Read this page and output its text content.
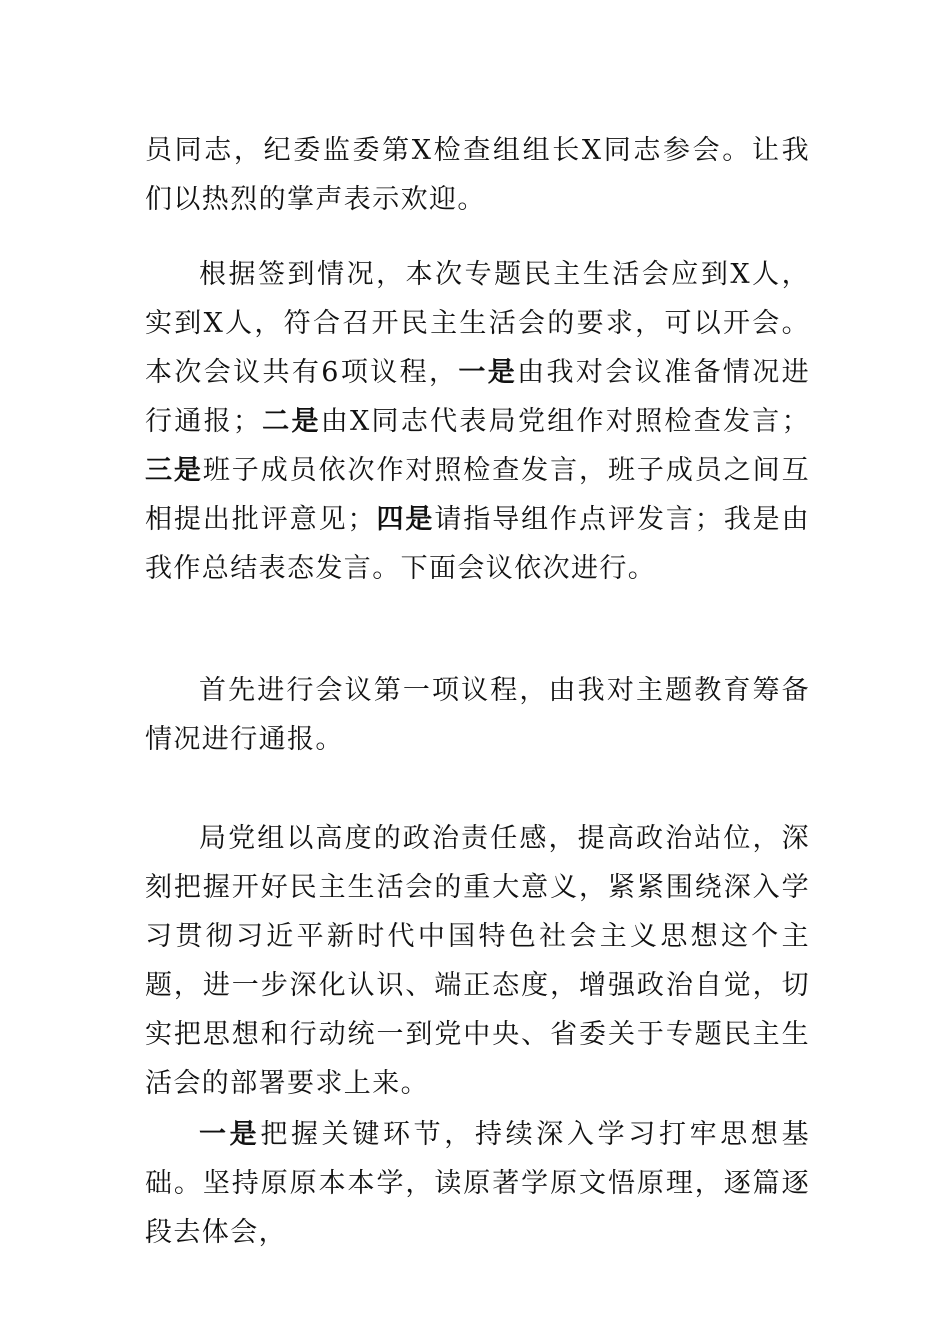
员同志，纪委监委第X检查组组长X同志参会。让我们以热烈的掌声表示欢迎。

根据签到情况，本次专题民主生活会应到X人，实到X人，符合召开民主生活会的要求，可以开会。本次会议共有6项议程，一是由我对会议准备情况进行通报；二是由X同志代表局党组作对照检查发言；三是班子成员依次作对照检查发言，班子成员之间互相提出批评意见；四是请指导组作点评发言；我是由我作总结表态发言。下面会议依次进行。

首先进行会议第一项议程，由我对主题教育筹备情况进行通报。

局党组以高度的政治责任感，提高政治站位，深刻把握开好民主生活会的重大意义，紧紧围绕深入学习贯彻习近平新时代中国特色社会主义思想这个主题，进一步深化认识、端正态度，增强政治自觉，切实把思想和行动统一到党中央、省委关于专题民主生活会的部署要求上来。

一是把握关键环节，持续深入学习打牢思想基础。坚持原原本本学，读原著学原文悟原理，逐篇逐段去体会，
